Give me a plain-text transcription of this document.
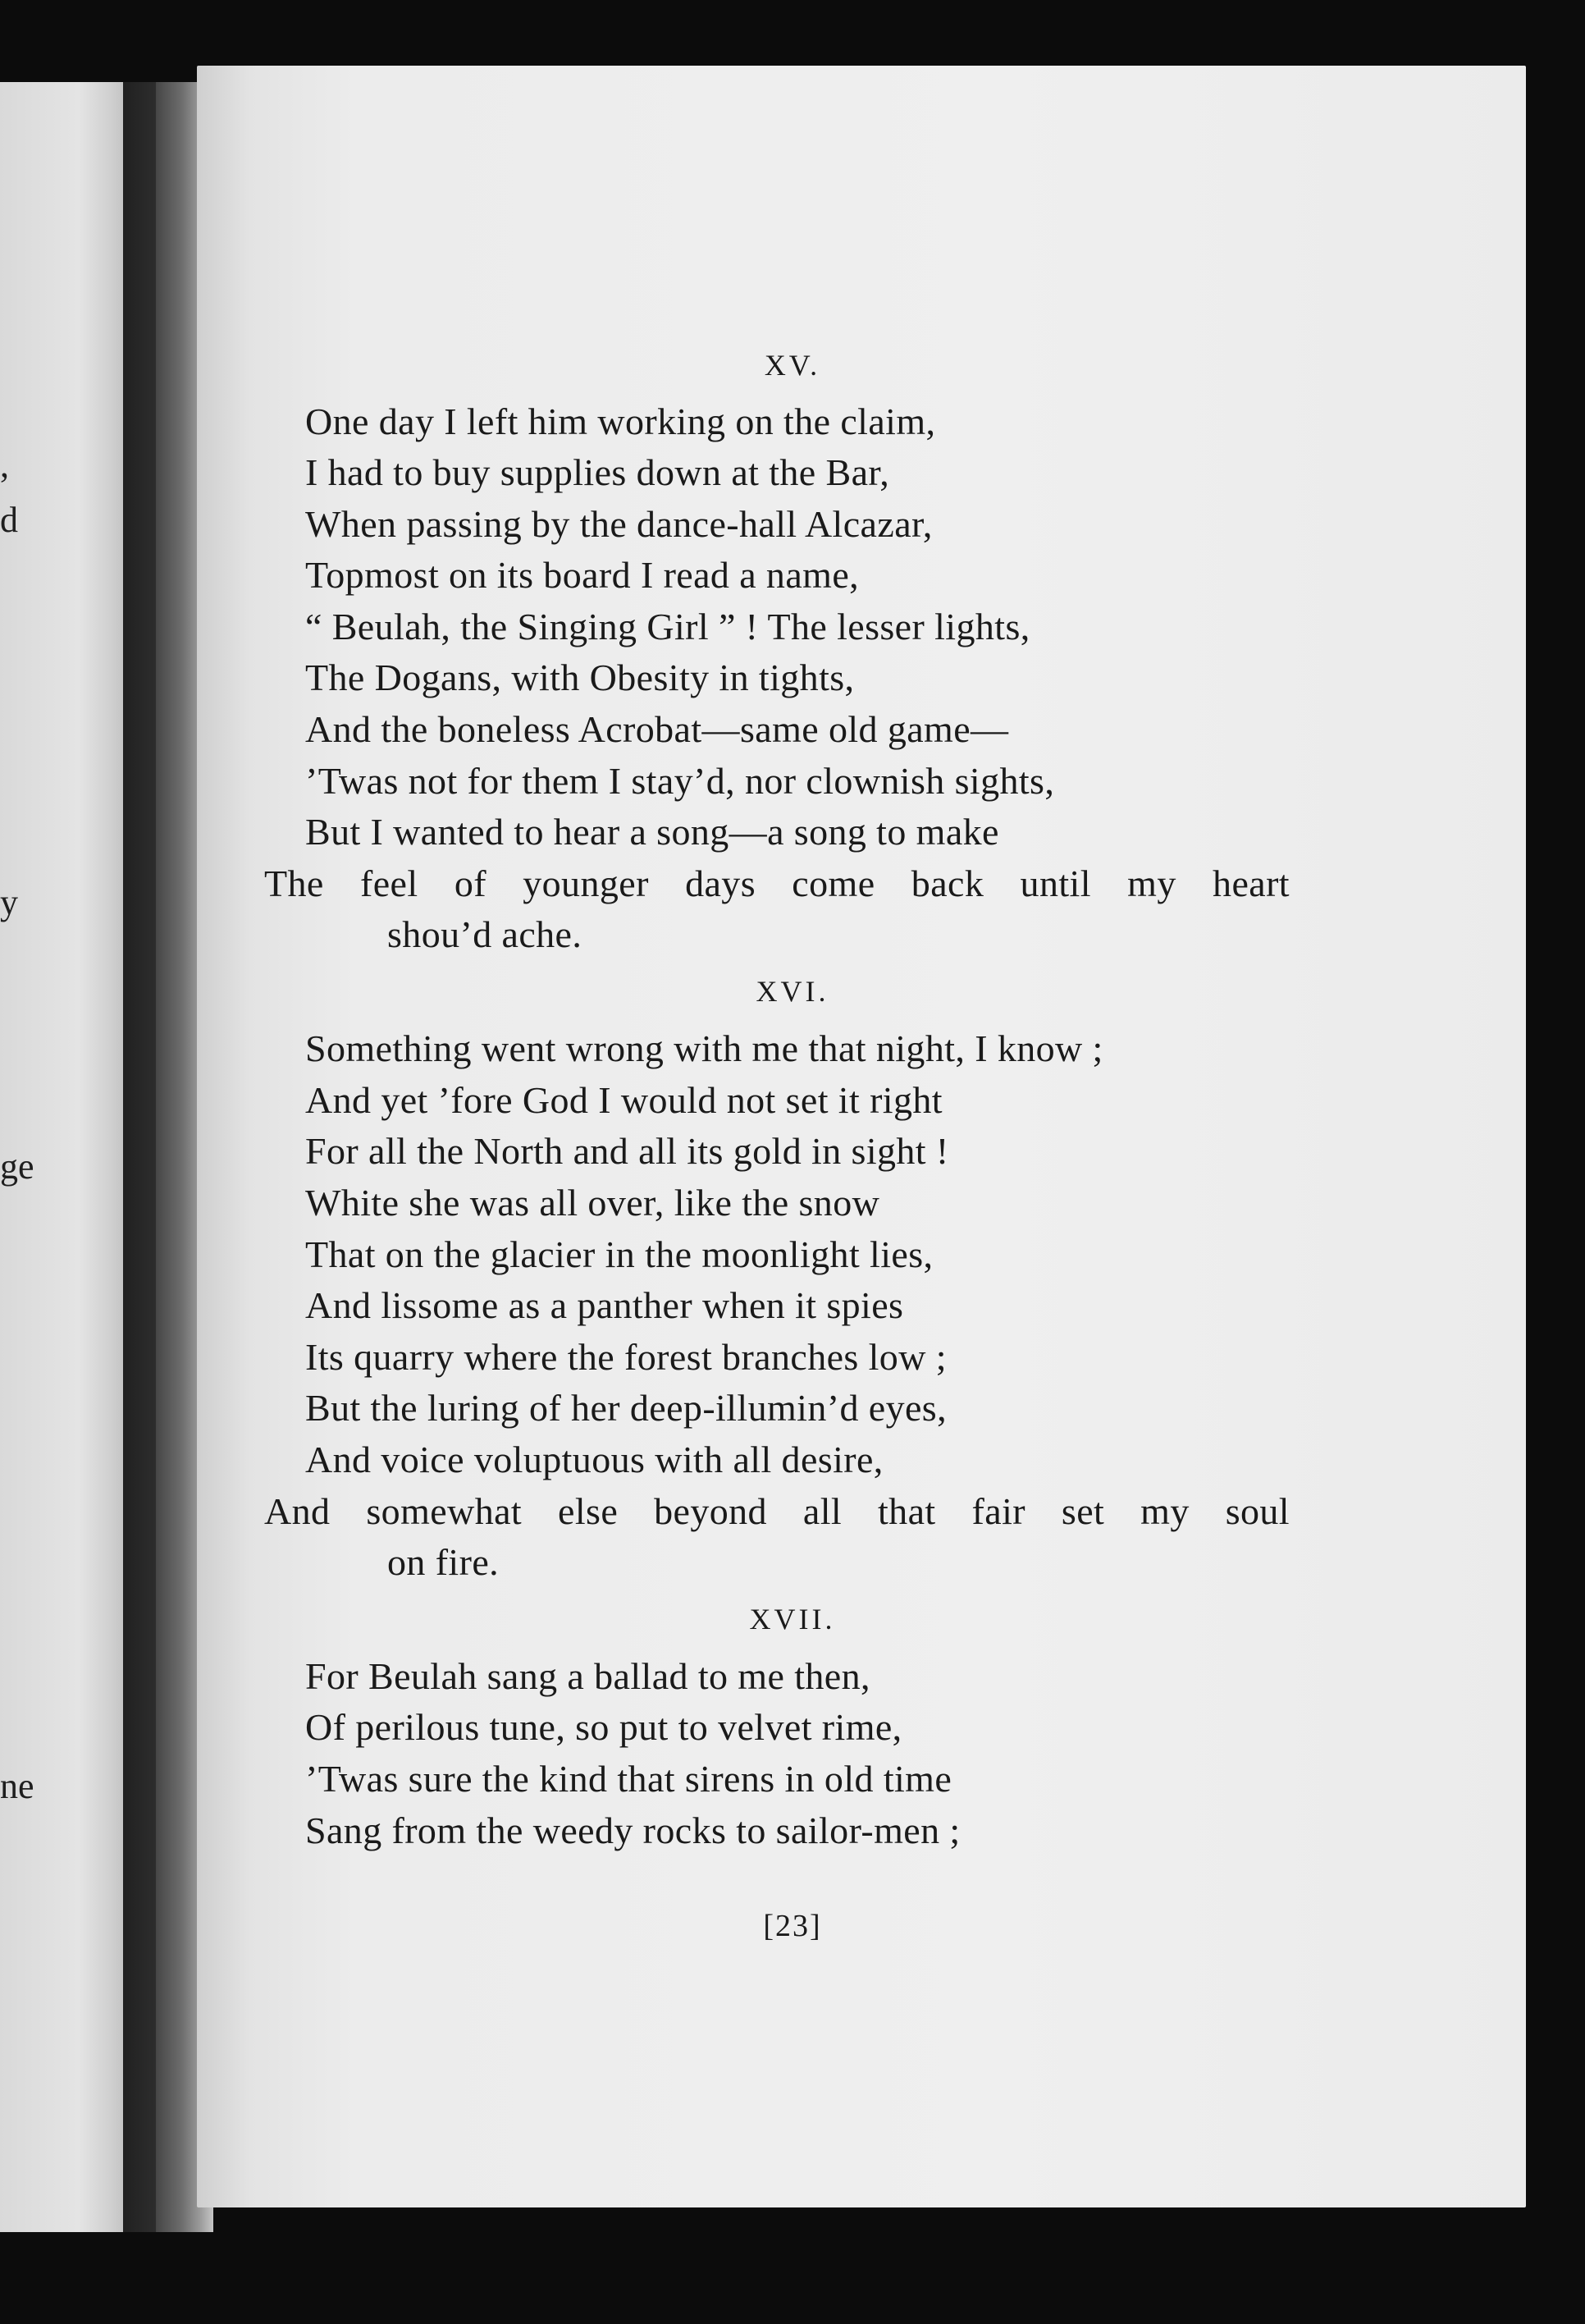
,
d
y
ge
ne
XV.
One day I left him working on the claim,
I had to buy supplies down at the Bar,
When passing by the dance-hall Alcazar,
Topmost on its board I read a name,
“ Beulah, the Singing Girl ” ! The lesser lights,
The Dogans, with Obesity in tights,
And the boneless Acrobat—same old game—
’Twas not for them I stay’d, nor clownish sights,
But I wanted to hear a song—a song to make
The feel of younger days come back until my heart
shou’d ache.
XVI.
Something went wrong with me that night, I know ;
And yet ’fore God I would not set it right
For all the North and all its gold in sight !
White she was all over, like the snow
That on the glacier in the moonlight lies,
And lissome as a panther when it spies
Its quarry where the forest branches low ;
But the luring of her deep-illumin’d eyes,
And voice voluptuous with all desire,
And somewhat else beyond all that fair set my soul
on fire.
XVII.
For Beulah sang a ballad to me then,
Of perilous tune, so put to velvet rime,
’Twas sure the kind that sirens in old time
Sang from the weedy rocks to sailor-men ;
[23]
